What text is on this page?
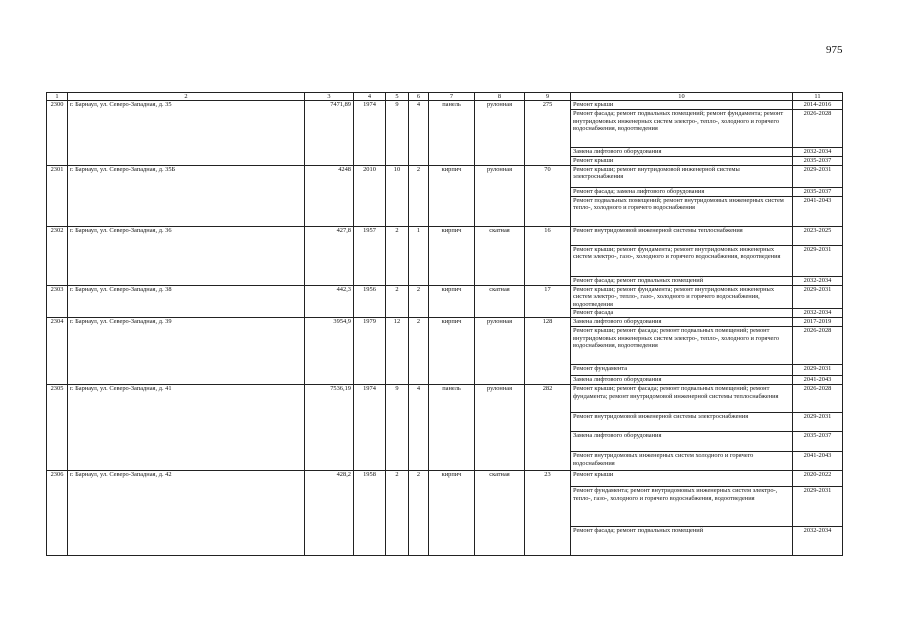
975
1	2	3	4	5	6	7	8	9	10	11
2300	г. Барнаул, ул. Северо-Западная, д. 35	7471,89	1974	9	4	панель	рулонная	275	Ремонт крыши	2014-2016
									Ремонт фасада; ремонт подвальных помещений; ремонт фундамента; ремонт внутридомовых инженерных систем электро-, тепло-, холодного и горячего водоснабжения, водоотведения	2026-2028
									Замена лифтового оборудования	2032-2034
									Ремонт крыши	2035-2037
2301	г. Барнаул, ул. Северо-Западная, д. 35Б	4248	2010	10	2	кирпич	рулонная	70	Ремонт крыши; ремонт внутридомовой инженерной системы электроснабжения	2029-2031
									Ремонт фасада; замена лифтового оборудования	2035-2037
									Ремонт подвальных помещений; ремонт внутридомовых инженерных систем тепло-, холодного и горячего водоснабжения	2041-2043
2302	г. Барнаул, ул. Северо-Западная, д. 36	427,8	1957	2	1	кирпич	скатная	16	Ремонт внутридомовой инженерной системы теплоснабжения	2023-2025
									Ремонт крыши; ремонт фундамента; ремонт внутридомовых инженерных систем электро-, газо-, холодного и горячего водоснабжения, водоотведения	2029-2031
									Ремонт фасада; ремонт подвальных помещений	2032-2034
2303	г. Барнаул, ул. Северо-Западная, д. 38	442,3	1956	2	2	кирпич	скатная	17	Ремонт крыши; ремонт фундамента; ремонт внутридомовых инженерных систем электро-, тепло-, газо-, холодного и горячего водоснабжения, водоотведения	2029-2031
									Ремонт фасада	2032-2034
2304	г. Барнаул, ул. Северо-Западная, д. 39	3954,9	1979	12	2	кирпич	рулонная	128	Замена лифтового оборудования	2017-2019
									Ремонт крыши; ремонт фасада; ремонт подвальных помещений; ремонт внутридомовых инженерных систем электро-, тепло-, холодного и горячего водоснабжения, водоотведения	2026-2028
									Ремонт фундамента	2029-2031
									Замена лифтового оборудования	2041-2043
2305	г. Барнаул, ул. Северо-Западная, д. 41	7536,19	1974	9	4	панель	рулонная	282	Ремонт крыши; ремонт фасада; ремонт подвальных помещений; ремонт фундамента; ремонт внутридомовой инженерной системы теплоснабжения	2026-2028
									Ремонт внутридомовой инженерной системы электроснабжения	2029-2031
									Замена лифтового оборудования	2035-2037
									Ремонт внутридомовых инженерных систем холодного и горячего водоснабжения	2041-2043
2306	г. Барнаул, ул. Северо-Западная, д. 42	428,2	1958	2	2	кирпич	скатная	23	Ремонт крыши	2020-2022
									Ремонт фундамента; ремонт внутридомовых инженерных систем электро-, тепло-, газо-, холодного и горячего водоснабжения, водоотведения	2029-2031
									Ремонт фасада; ремонт подвальных помещений	2032-2034
